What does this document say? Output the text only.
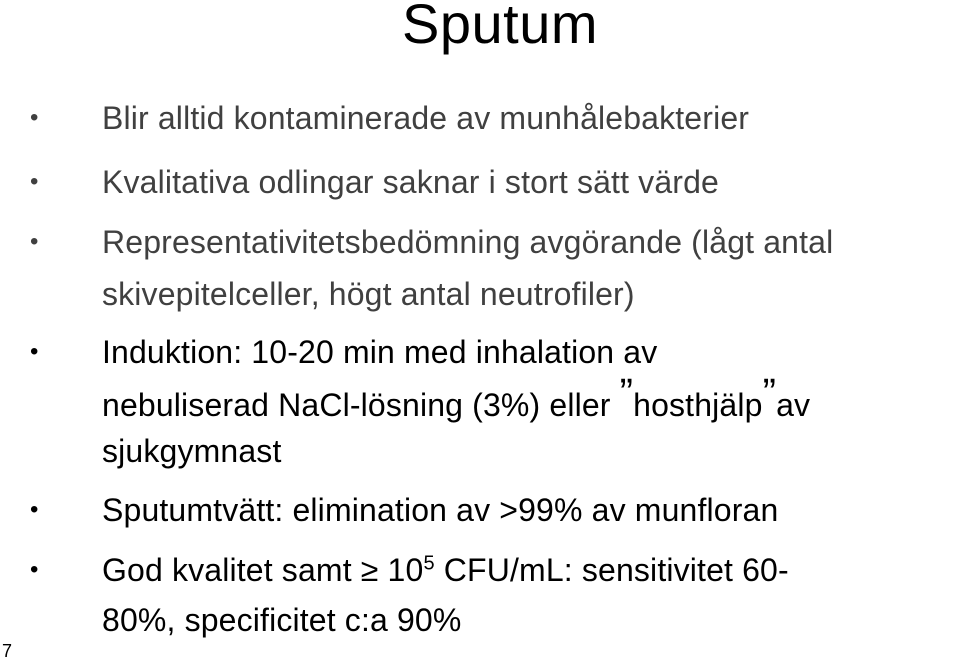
Sputum
• Blir alltid kontaminerade av munhålebakterier
• Kvalitativa odlingar saknar i stort sätt värde
• Representativitetsbedömning avgörande (lågt antal
skivepitelceller, högt antal neutrofiler)
• Induktion: 10-20 min med inhalation av
nebuliserad NaCl-lösning (3%) eller ”hosthjälp”av
sjukgymnast
• Sputumtvätt: elimination av >99% av munfloran
• God kvalitet samt ≥ $10^5$ CFU/mL: sensitivitet 60-
80%, specificitet c:a 90%
7
